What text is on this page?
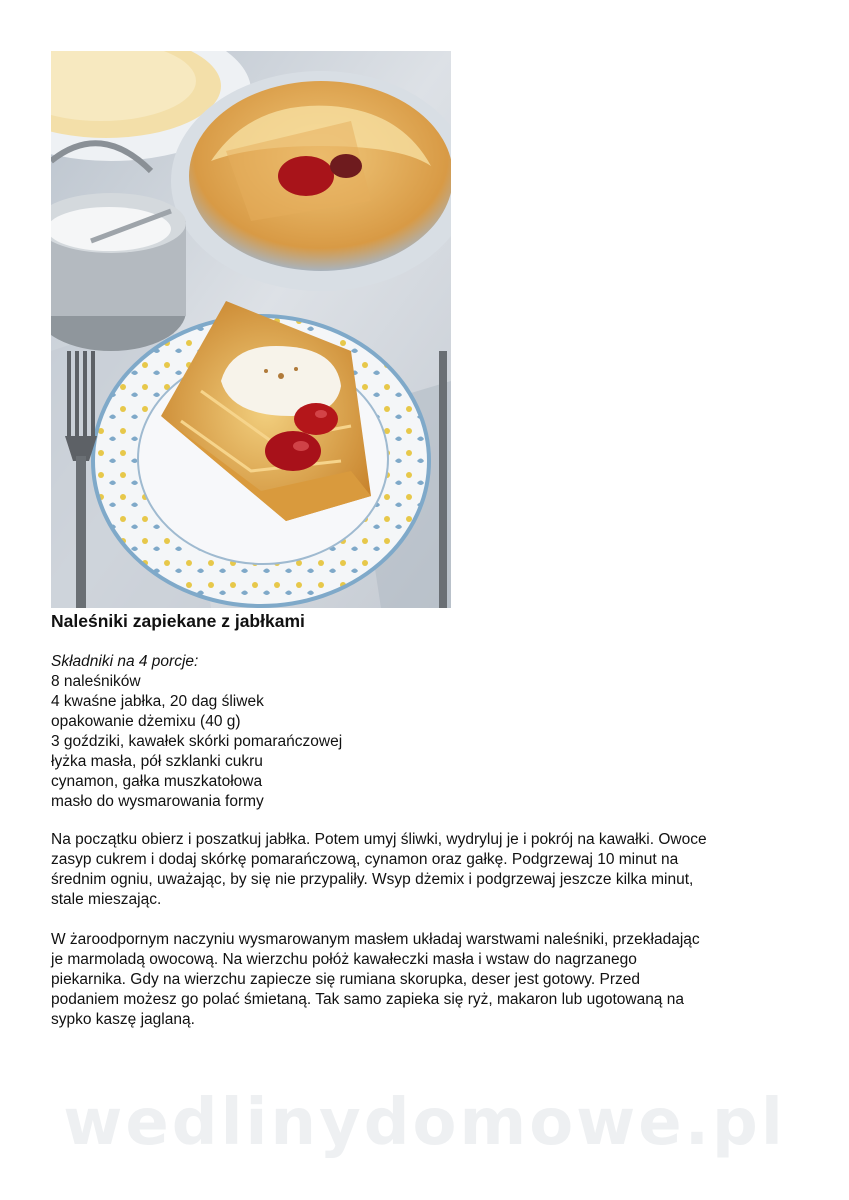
Naleśniki zapiekane z jabłkami
Składniki na 4 porcje:
8 naleśników
4 kwaśne jabłka, 20 dag śliwek
opakowanie dżemixu (40 g)
3 goździki, kawałek skórki pomarańczowej
łyżka masła, pół szklanki cukru
cynamon, gałka muszkatołowa
masło do wysmarowania formy

Na początku obierz i poszatkuj jabłka. Potem umyj śliwki, wydryluj je i pokrój na kawałki. Owoce
zasyp cukrem i dodaj skórkę pomarańczową, cynamon oraz gałkę. Podgrzewaj 10 minut na
średnim ogniu, uważając, by się nie przypaliły. Wsyp dżemix i podgrzewaj jeszcze kilka minut,
stale mieszając.

W żaroodpornym naczyniu wysmarowanym masłem układaj warstwami naleśniki, przekładając
je marmoladą owocową. Na wierzchu połóż kawałeczki masła i wstaw do nagrzanego
piekarnika. Gdy na wierzchu zapiecze się rumiana skorupka, deser jest gotowy. Przed
podaniem możesz go polać śmietaną. Tak samo zapieka się ryż, makaron lub ugotowaną na
sypko kaszę jaglaną.

wedlinydomowe.pl
